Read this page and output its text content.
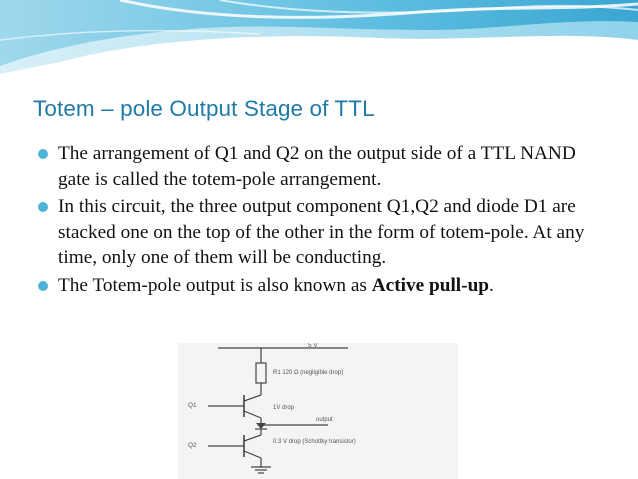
Totem – pole Output Stage of TTL
The arrangement of Q1 and Q2 on the output side of a TTL NAND gate is called the totem-pole arrangement.
In this circuit, the three output component Q1,Q2 and diode D1 are stacked one on the top of the other in the form of totem-pole. At any time, only one of them will be conducting.
The Totem-pole output is also known as Active pull-up.
5 V
R1 120 Ω (negligible drop)
Q1	1V drop
output
Q2	0.3 V drop (Schottky transistor)
